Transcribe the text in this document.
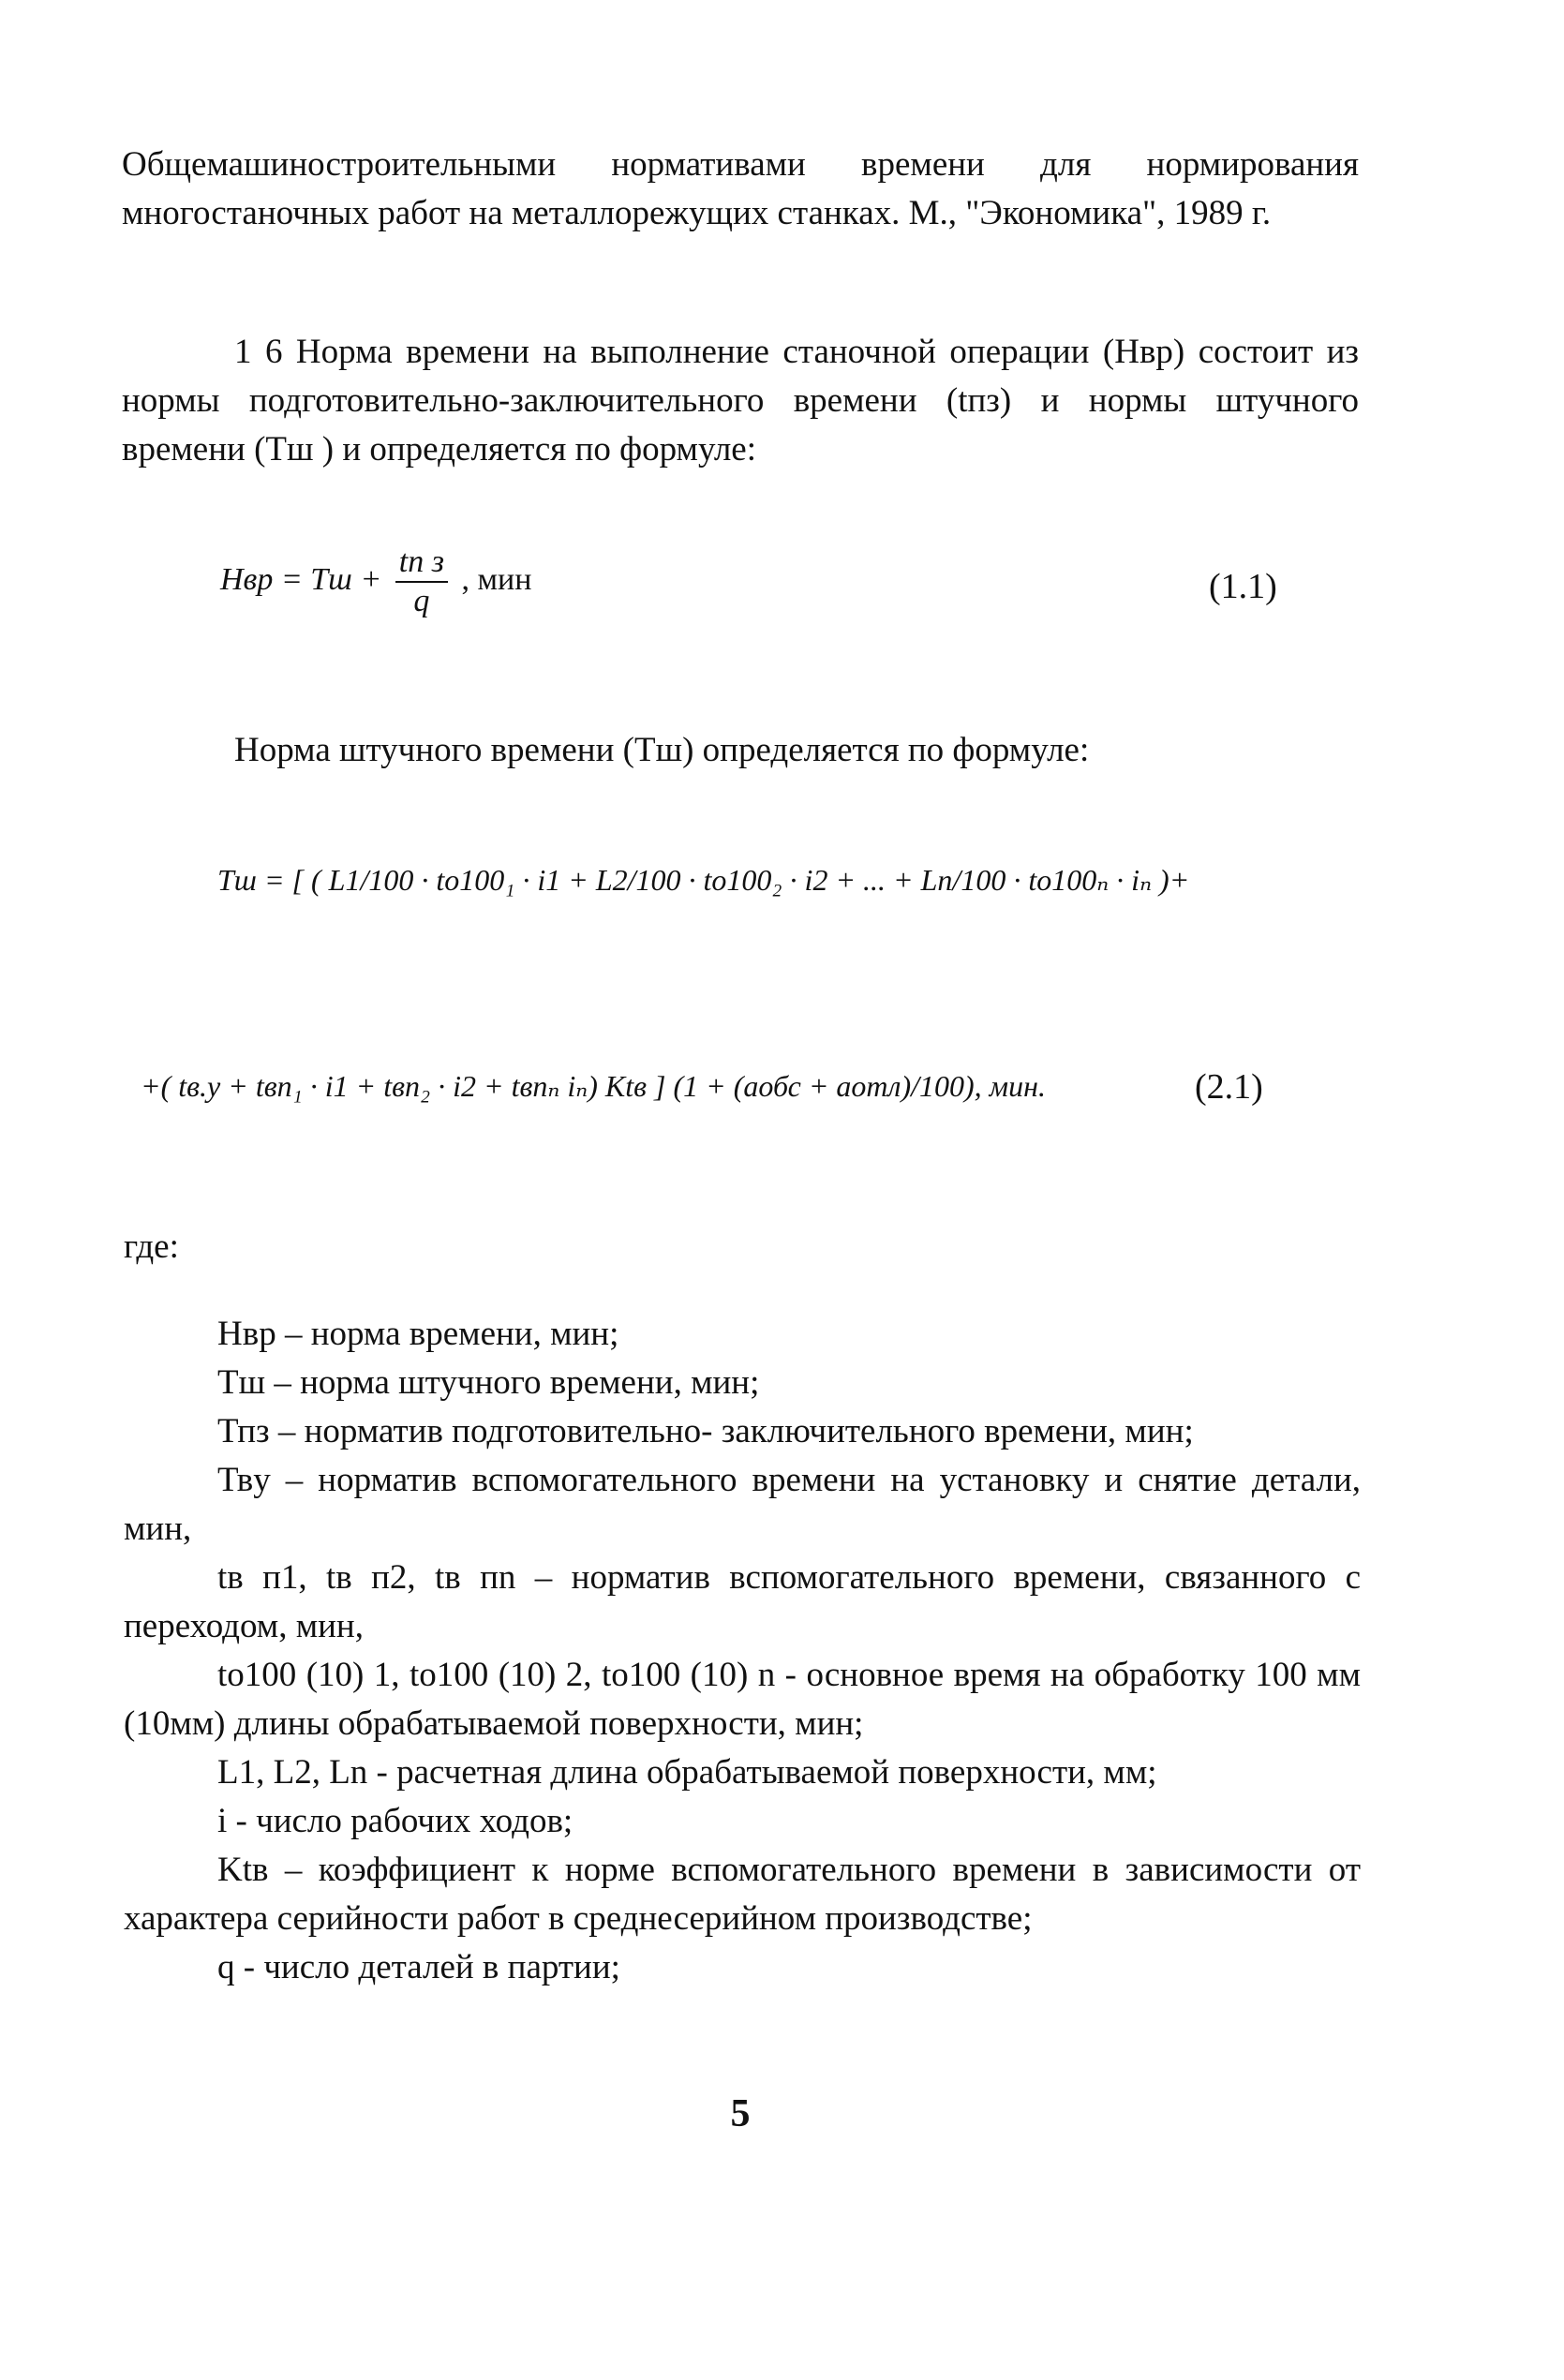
Общемашиностроительными нормативами времени для нормирования многостаночных работ на металлорежущих станках. М., "Экономика", 1989 г.
1 6 Норма времени на выполнение станочной операции (Нвр) состоит из нормы подготовительно-заключительного времени (tпз) и нормы штучного времени (Тш ) и определяется по формуле:
Нвр = Тш + $\frac{\text{tп з}}{q}$ , мин	(1.1)
Норма штучного времени (Тш) определяется по формуле:
Тш = [ ( L1/100 · to100₁ · i1 + L2/100 · to100₂ · i2 + ... + Ln/100 · to100ₙ · iₙ )+
+( tв.у + tвп₁ · i1 + tвп₂ · i2 + tвпₙ iₙ) Ktв ] (1 + (aобс + aотл)/100), мин.	(2.1)
где:
Нвр – норма времени, мин;
Тш – норма штучного времени, мин;
Тпз – норматив подготовительно- заключительного времени, мин;
Твy – норматив вспомогательного времени на установку и снятие детали, мин,
tв п1, tв п2, tв пn – норматив вспомогательного времени, связанного с переходом, мин,
to100 (10) 1, to100 (10) 2, to100 (10) n - основное время на обработку 100 мм (10мм) длины обрабатываемой поверхности, мин;
L1, L2, Ln - расчетная длина обрабатываемой поверхности, мм;
i - число рабочих ходов;
Ktв – коэффициент к норме вспомогательного времени в зависимости от характера серийности работ в среднесерийном производстве;
q - число деталей в партии;
5
